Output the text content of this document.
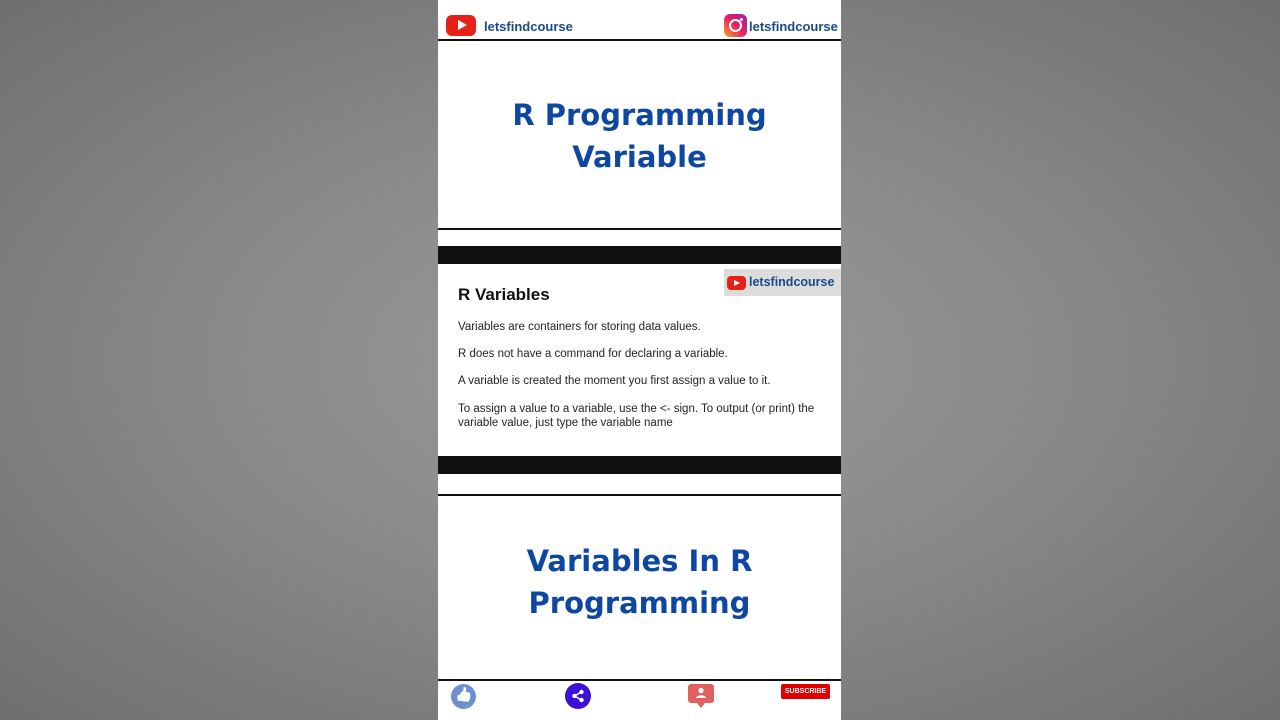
letsfindcourse	letsfindcourse
R Programming
Variable
letsfindcourse
R Variables

Variables are containers for storing data values.

R does not have a command for declaring a variable.

A variable is created the moment you first assign a value to it.

To assign a value to a variable, use the <- sign. To output (or print) the variable value, just type the variable name

Variables In R
Programming
👍
SUBSCRIBE
